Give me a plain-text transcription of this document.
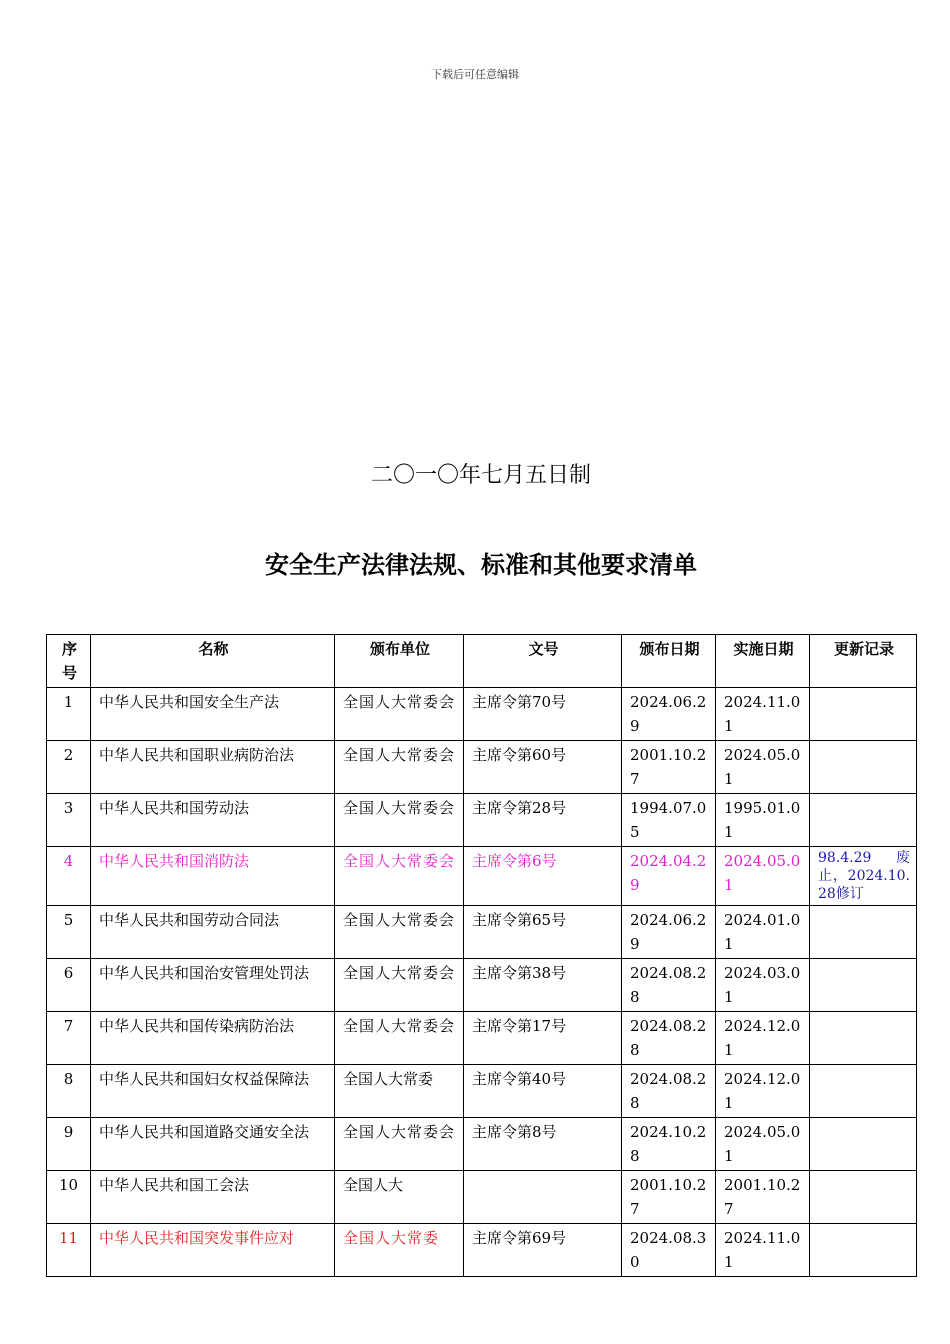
下载后可任意编辑
二〇一〇年七月五日制
安全生产法律法规、标准和其他要求清单
序号	名称	颁布单位	文号	颁布日期	实施日期	更新记录
1	中华人民共和国安全生产法	全国人大常委会	主席令第70号	2024.06.29	2024.11.01	
2	中华人民共和国职业病防治法	全国人大常委会	主席令第60号	2001.10.27	2024.05.01	
3	中华人民共和国劳动法	全国人大常委会	主席令第28号	1994.07.05	1995.01.01	
4	中华人民共和国消防法	全国人大常委会	主席令第6号	2024.04.29	2024.05.01	98.4.29 废止，2024.10.28修订
5	中华人民共和国劳动合同法	全国人大常委会	主席令第65号	2024.06.29	2024.01.01	
6	中华人民共和国治安管理处罚法	全国人大常委会	主席令第38号	2024.08.28	2024.03.01	
7	中华人民共和国传染病防治法	全国人大常委会	主席令第17号	2024.08.28	2024.12.01	
8	中华人民共和国妇女权益保障法	全国人大常委	主席令第40号	2024.08.28	2024.12.01	
9	中华人民共和国道路交通安全法	全国人大常委会	主席令第8号	2024.10.28	2024.05.01	
10	中华人民共和国工会法	全国人大		2001.10.27	2001.10.27	
11	中华人民共和国突发事件应对	全国人大常委	主席令第69号	2024.08.30	2024.11.01	
